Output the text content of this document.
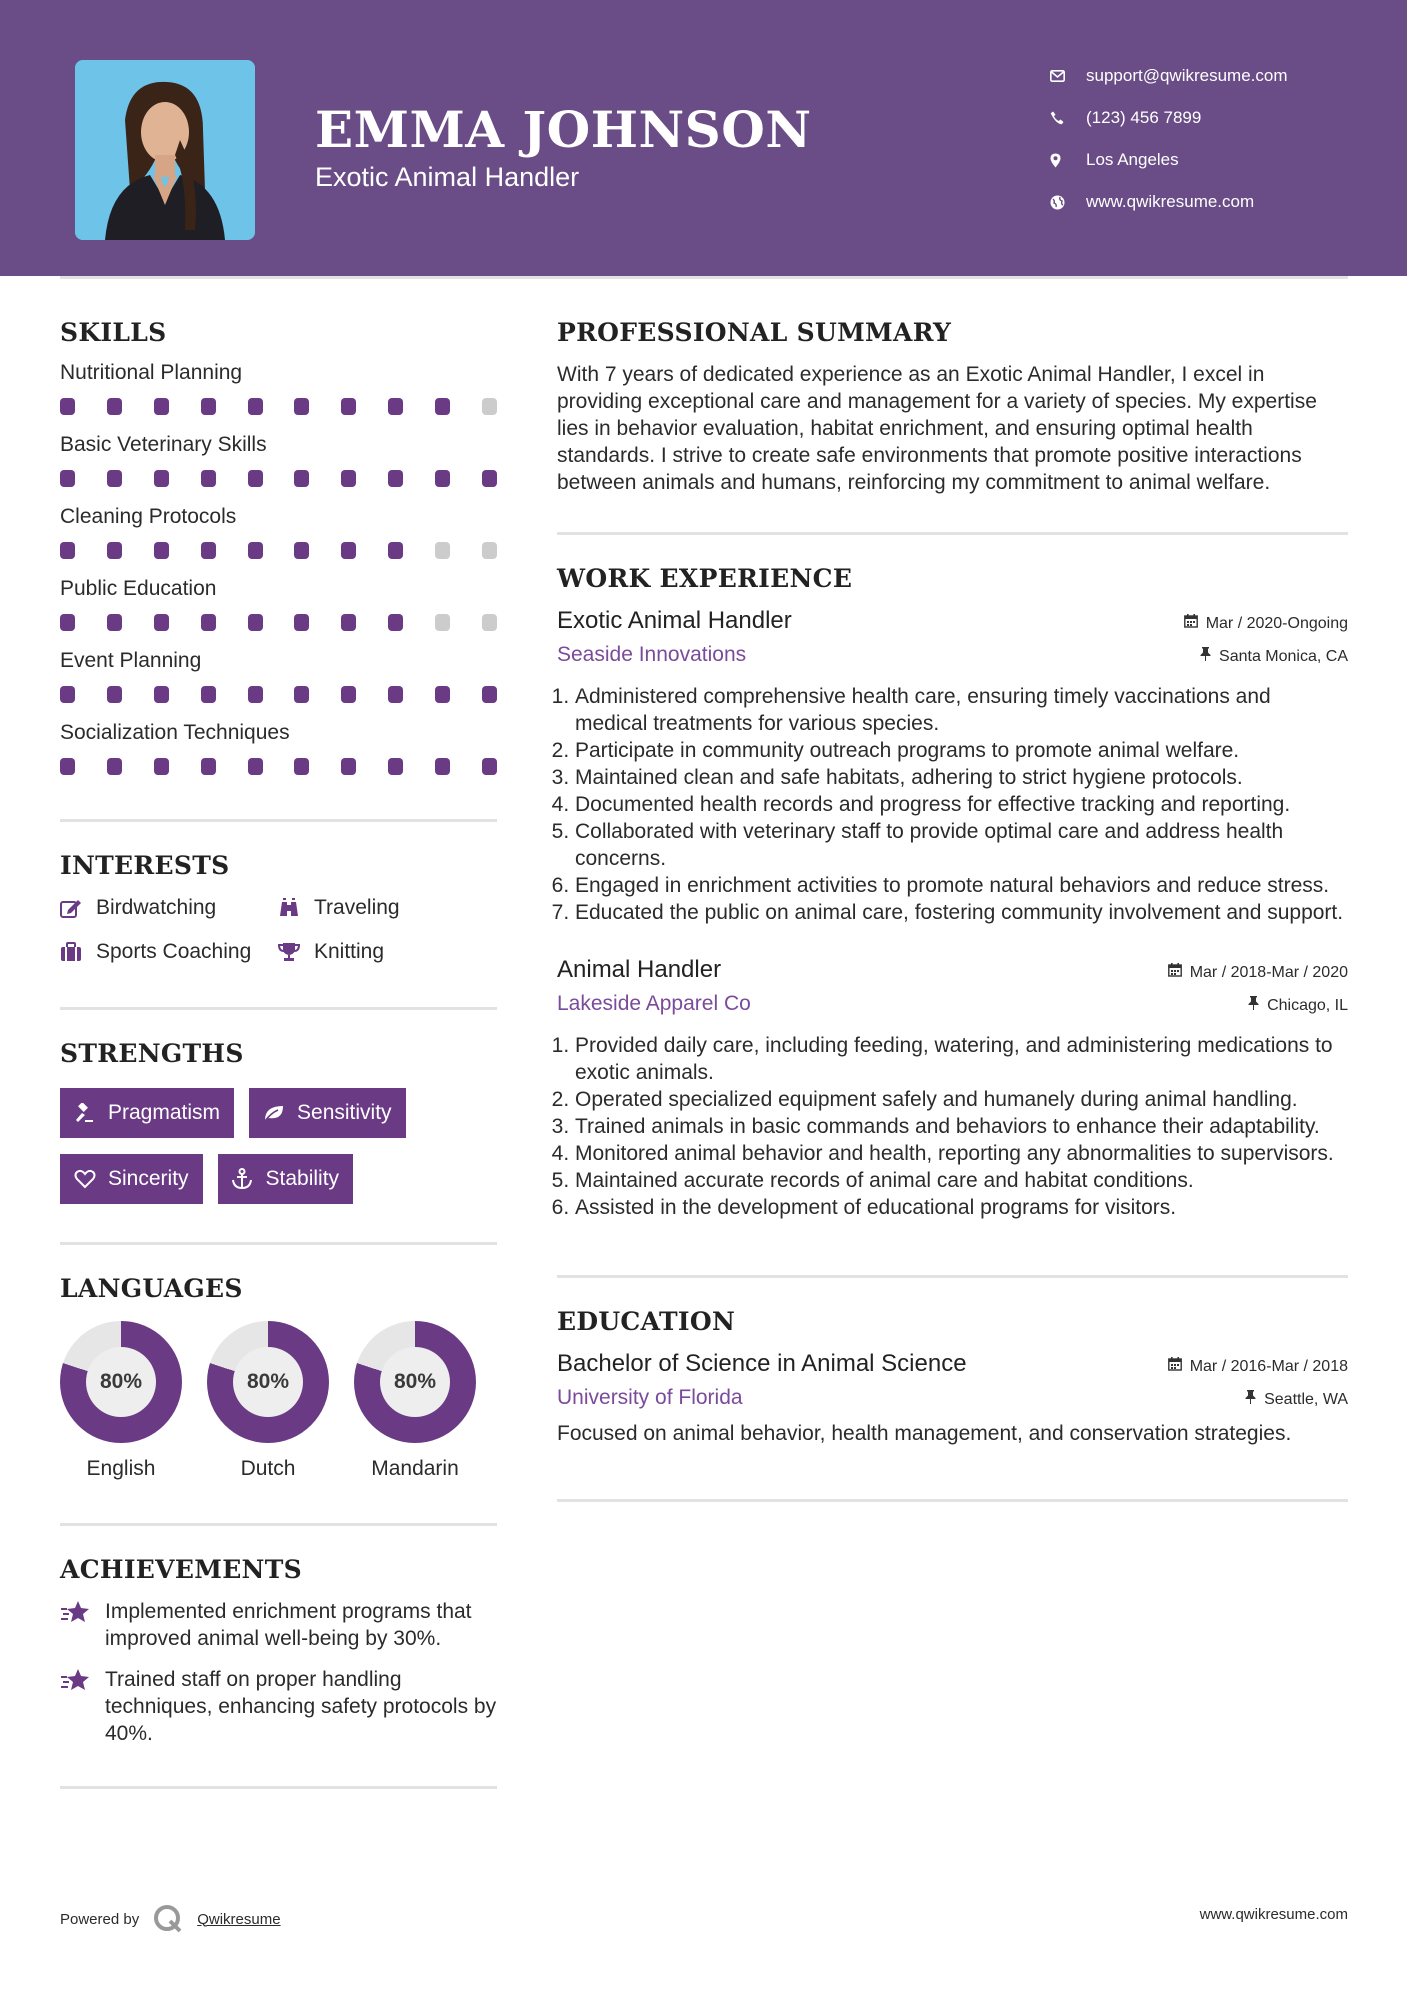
EMMA JOHNSON
Exotic Animal Handler
support@qwikresume.com
(123) 456 7899
Los Angeles
www.qwikresume.com
SKILLS
Nutritional Planning
Basic Veterinary Skills
Cleaning Protocols
Public Education
Event Planning
Socialization Techniques
INTERESTS
Birdwatching	Traveling
Sports Coaching	Knitting
STRENGTHS
Pragmatism	Sensitivity
Sincerity	Stability
LANGUAGES
80%
English
80%
Dutch
80%
Mandarin
ACHIEVEMENTS
Implemented enrichment programs that improved animal well-being by 30%.
Trained staff on proper handling techniques, enhancing safety protocols by 40%.
PROFESSIONAL SUMMARY
With 7 years of dedicated experience as an Exotic Animal Handler, I excel in providing exceptional care and management for a variety of species. My expertise lies in behavior evaluation, habitat enrichment, and ensuring optimal health standards. I strive to create safe environments that promote positive interactions between animals and humans, reinforcing my commitment to animal welfare.
WORK EXPERIENCE
Exotic Animal Handler	Mar / 2020-Ongoing
Seaside Innovations	Santa Monica, CA
1. Administered comprehensive health care, ensuring timely vaccinations and medical treatments for various species.
2. Participate in community outreach programs to promote animal welfare.
3. Maintained clean and safe habitats, adhering to strict hygiene protocols.
4. Documented health records and progress for effective tracking and reporting.
5. Collaborated with veterinary staff to provide optimal care and address health concerns.
6. Engaged in enrichment activities to promote natural behaviors and reduce stress.
7. Educated the public on animal care, fostering community involvement and support.
Animal Handler	Mar / 2018-Mar / 2020
Lakeside Apparel Co	Chicago, IL
1. Provided daily care, including feeding, watering, and administering medications to exotic animals.
2. Operated specialized equipment safely and humanely during animal handling.
3. Trained animals in basic commands and behaviors to enhance their adaptability.
4. Monitored animal behavior and health, reporting any abnormalities to supervisors.
5. Maintained accurate records of animal care and habitat conditions.
6. Assisted in the development of educational programs for visitors.
EDUCATION
Bachelor of Science in Animal Science	Mar / 2016-Mar / 2018
University of Florida	Seattle, WA
Focused on animal behavior, health management, and conservation strategies.
Powered by	Qwikresume	www.qwikresume.com
